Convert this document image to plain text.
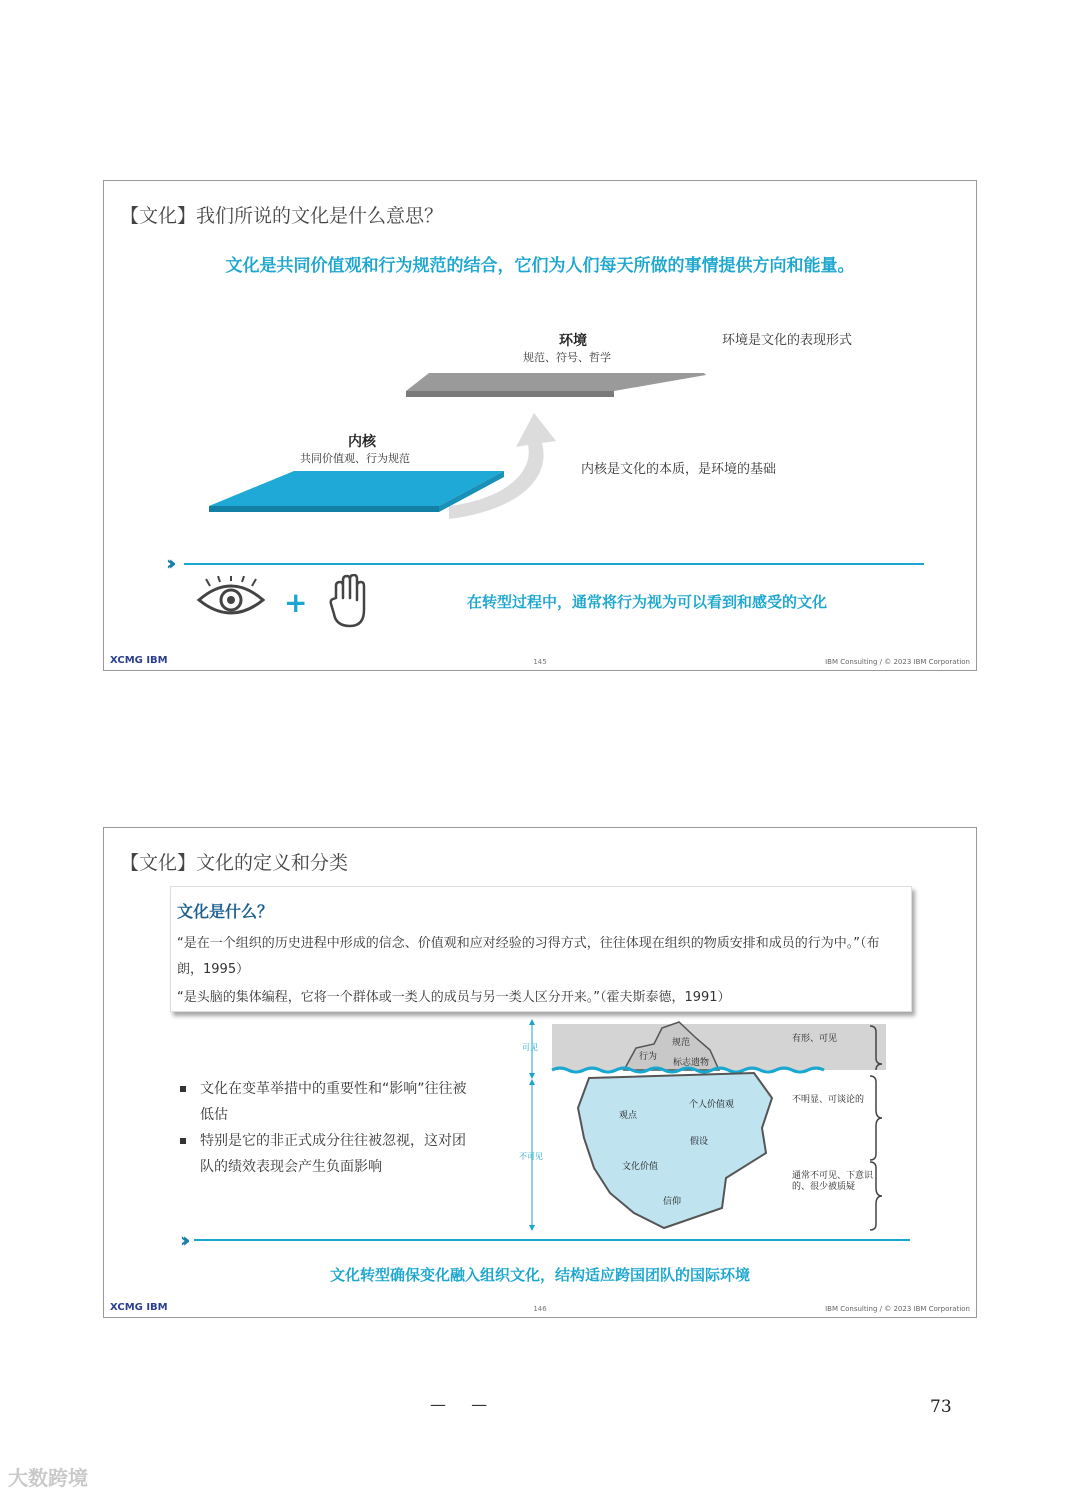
【文化】我们所说的文化是什么意思？
文化是共同价值观和行为规范的结合，它们为人们每天所做的事情提供方向和能量。
环境
规范、符号、哲学
环境是文化的表现形式
内核
共同价值观、行为规范
内核是文化的本质，是环境的基础
››
+	在转型过程中，通常将行为视为可以看到和感受的文化
XCMG IBM	145	IBM Consulting / © 2023 IBM Corporation
【文化】文化的定义和分类
文化是什么？
“是在一个组织的历史进程中形成的信念、价值观和应对经验的习得方式，往往体现在组织的物质安排和成员的行为中。”（布朗，1995）
“是头脑的集体编程，它将一个群体或一类人的成员与另一类人区分开来。”（霍夫斯泰德，1991）
文化在变革举措中的重要性和“影响”往往被低估
特别是它的非正式成分往往被忽视，这对团队的绩效表现会产生负面影响
可见
不可见
规范
行为
标志遗物
个人价值观
观点
假设
文化价值
信仰
有形、可见
不明显、可谈论的
通常不可见、下意识的、很少被质疑
››
文化转型确保变化融入组织文化，结构适应跨国团队的国际环境
XCMG IBM	146	IBM Consulting / © 2023 IBM Corporation
— —	73
大数跨境
